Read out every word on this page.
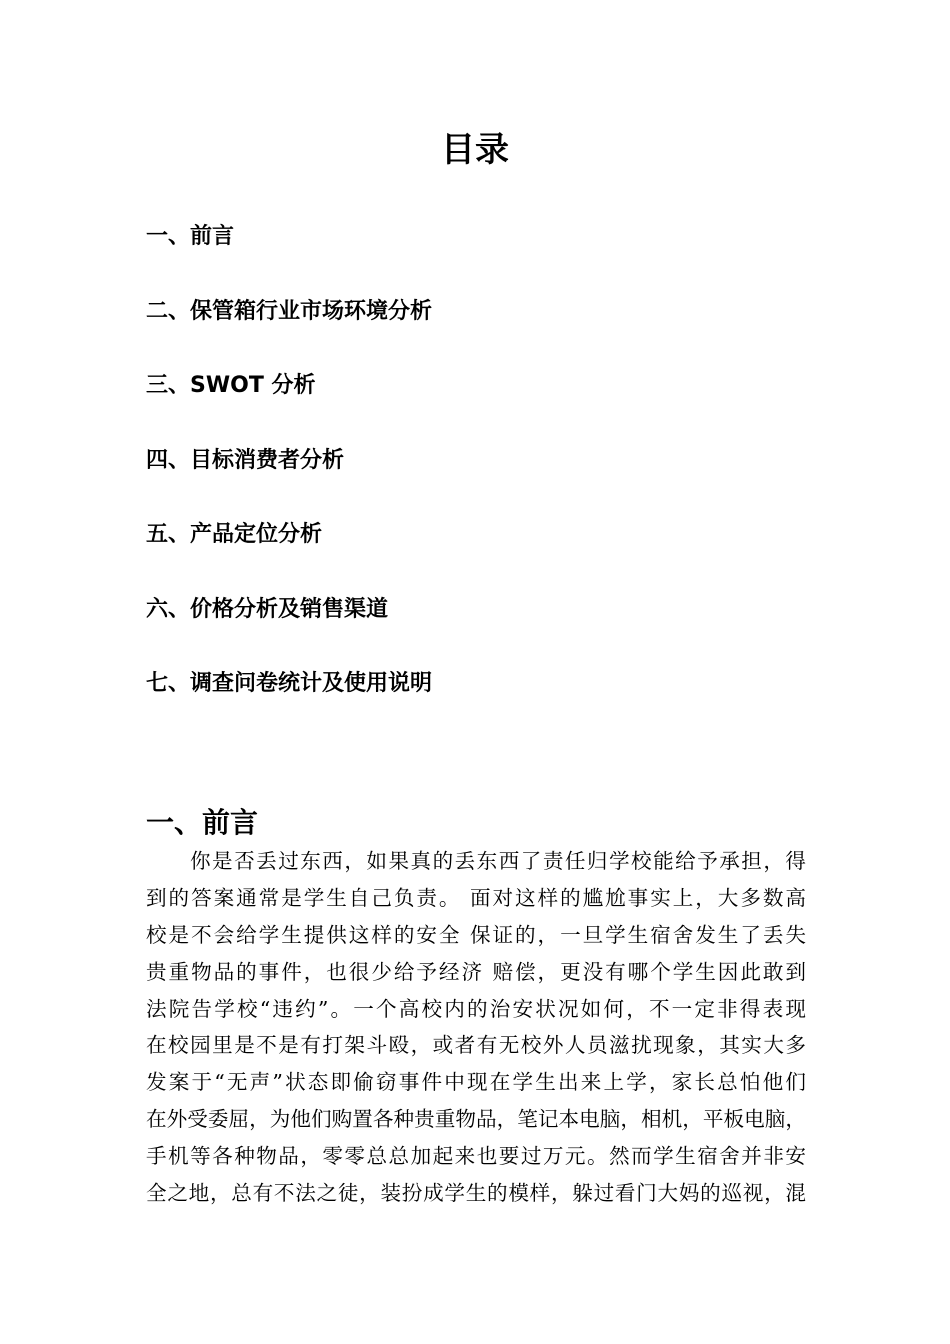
目录
一、前言
二、保管箱行业市场环境分析
三、SWOT 分析
四、目标消费者分析
五、产品定位分析
六、价格分析及销售渠道
七、调查问卷统计及使用说明
一、前言
你是否丢过东西，如果真的丢东西了责任归学校能给予承担，得
到的答案通常是学生自己负责。 面对这样的尴尬事实上，大多数高
校是不会给学生提供这样的安全 保证的，一旦学生宿舍发生了丢失
贵重物品的事件，也很少给予经济 赔偿，更没有哪个学生因此敢到
法院告学校“违约”。一个高校内的治安状况如何，不一定非得表现
在校园里是不是有打架斗殴，或者有无校外人员滋扰现象，其实大多
发案于“无声”状态即偷窃事件中现在学生出来上学，家长总怕他们
在外受委屈，为他们购置各种贵重物品，笔记本电脑，相机，平板电脑，
手机等各种物品，零零总总加起来也要过万元。然而学生宿舍并非安
全之地，总有不法之徒，装扮成学生的模样，躲过看门大妈的巡视，混
